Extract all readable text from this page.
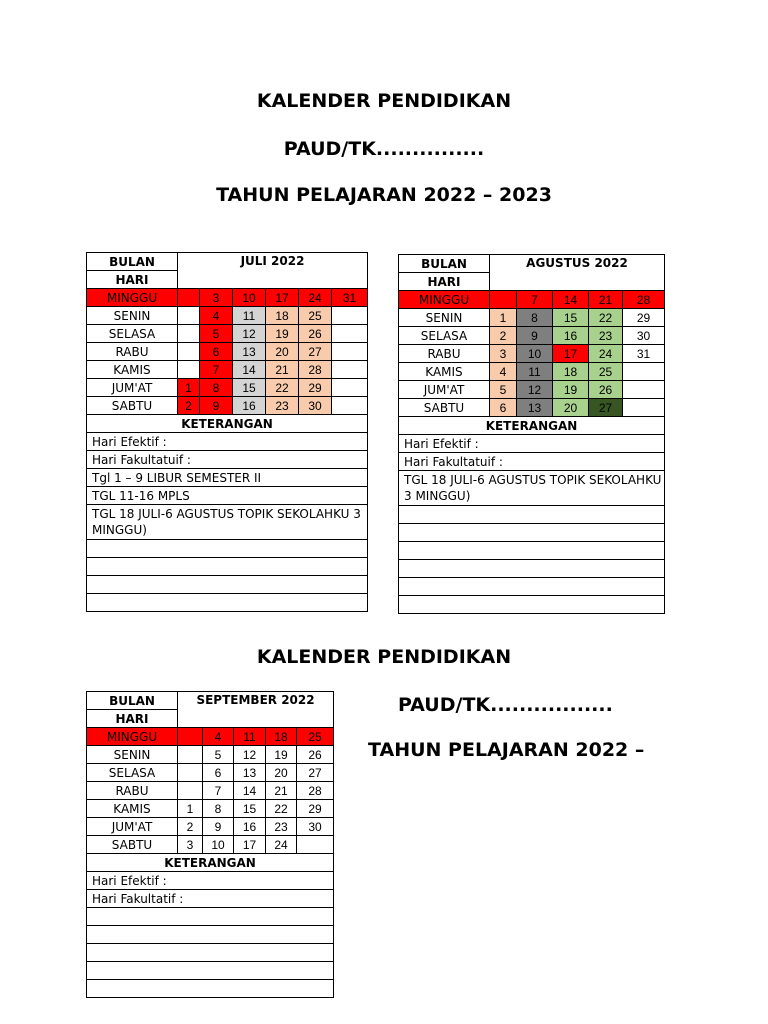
KALENDER PENDIDIKAN
PAUD/TK...............
TAHUN PELAJARAN 2022 – 2023
BULAN	JULI 2022					
HARI						
MINGGU		3	10	17	24	31
SENIN		4	11	18	25	
SELASA		5	12	19	26	
RABU		6	13	20	27	
KAMIS		7	14	21	28	
JUM'AT	1	8	15	22	29	
SABTU	2	9	16	23	30	
KETERANGAN						
Hari Efektif :						
Hari Fakultatuif :						
Tgl 1 – 9 LIBUR SEMESTER II						
TGL 11-16 MPLS						
TGL 18 JULI-6 AGUSTUS TOPIK SEKOLAHKU 3 MINGGU)						

BULAN	AGUSTUS 2022				
HARI					
MINGGU		7	14	21	28
SENIN	1	8	15	22	29
SELASA	2	9	16	23	30
RABU	3	10	17	24	31
KAMIS	4	11	18	25	
JUM'AT	5	12	19	26	
SABTU	6	13	20	27	
KETERANGAN					
Hari Efektif :					
Hari Fakultatuif :					
TGL 18 JULI-6 AGUSTUS TOPIK SEKOLAHKU 3 MINGGU)					

KALENDER PENDIDIKAN
PAUD/TK.................
TAHUN PELAJARAN 2022 –
BULAN	SEPTEMBER 2022				
HARI					
MINGGU		4	11	18	25
SENIN		5	12	19	26
SELASA		6	13	20	27
RABU		7	14	21	28
KAMIS	1	8	15	22	29
JUM'AT	2	9	16	23	30
SABTU	3	10	17	24	
KETERANGAN					
Hari Efektif :					
Hari Fakultatif :					
